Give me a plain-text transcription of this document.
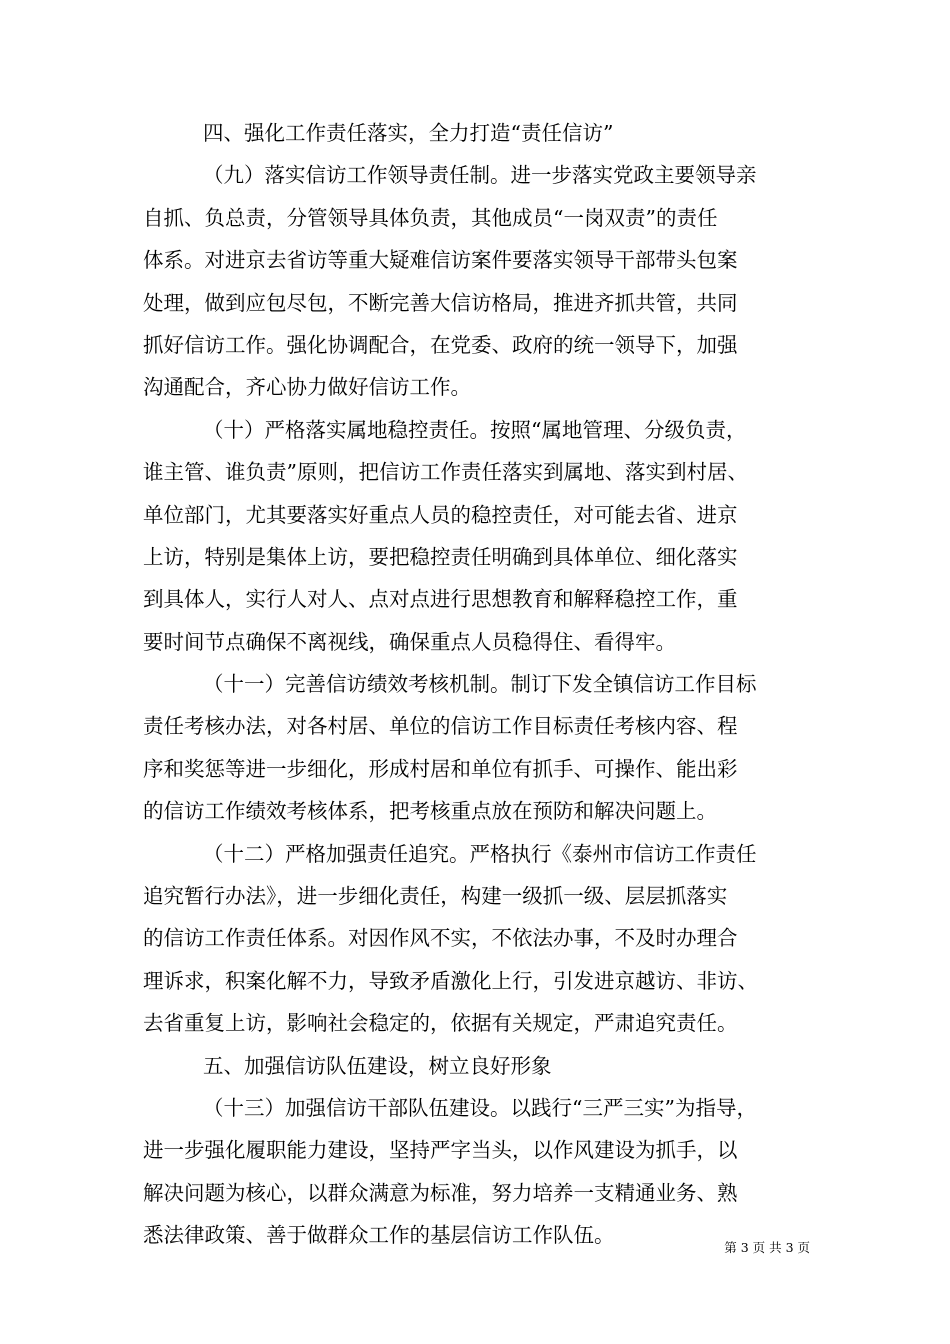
四、强化工作责任落实，全力打造“责任信访”
（九）落实信访工作领导责任制。进一步落实党政主要领导亲
自抓、负总责，分管领导具体负责，其他成员“一岗双责”的责任
体系。对进京去省访等重大疑难信访案件要落实领导干部带头包案
处理，做到应包尽包，不断完善大信访格局，推进齐抓共管，共同
抓好信访工作。强化协调配合，在党委、政府的统一领导下，加强
沟通配合，齐心协力做好信访工作。
（十）严格落实属地稳控责任。按照“属地管理、分级负责，
谁主管、谁负责”原则，把信访工作责任落实到属地、落实到村居、
单位部门，尤其要落实好重点人员的稳控责任，对可能去省、进京
上访，特别是集体上访，要把稳控责任明确到具体单位、细化落实
到具体人，实行人对人、点对点进行思想教育和解释稳控工作，重
要时间节点确保不离视线，确保重点人员稳得住、看得牢。
（十一）完善信访绩效考核机制。制订下发全镇信访工作目标
责任考核办法，对各村居、单位的信访工作目标责任考核内容、程
序和奖惩等进一步细化，形成村居和单位有抓手、可操作、能出彩
的信访工作绩效考核体系，把考核重点放在预防和解决问题上。
（十二）严格加强责任追究。严格执行《泰州市信访工作责任
追究暂行办法》，进一步细化责任，构建一级抓一级、层层抓落实
的信访工作责任体系。对因作风不实，不依法办事，不及时办理合
理诉求，积案化解不力，导致矛盾激化上行，引发进京越访、非访、
去省重复上访，影响社会稳定的，依据有关规定，严肃追究责任。
五、加强信访队伍建设，树立良好形象
（十三）加强信访干部队伍建设。以践行“三严三实”为指导，
进一步强化履职能力建设，坚持严字当头，以作风建设为抓手，以
解决问题为核心，以群众满意为标准，努力培养一支精通业务、熟
悉法律政策、善于做群众工作的基层信访工作队伍。
第 3 页 共 3 页
